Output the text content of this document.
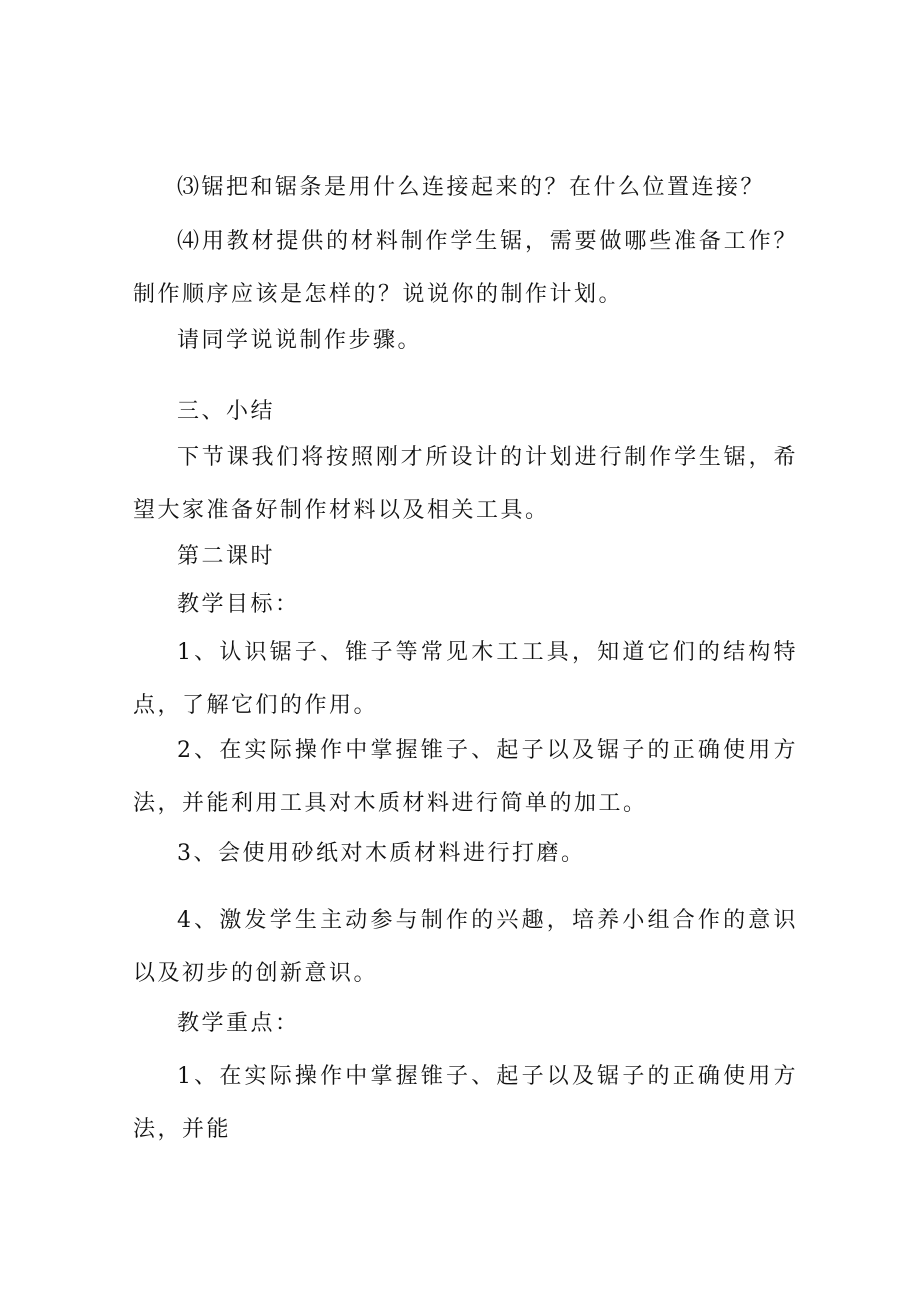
⑶锯把和锯条是用什么连接起来的？在什么位置连接？

⑷用教材提供的材料制作学生锯，需要做哪些准备工作？制作顺序应该是怎样的？说说你的制作计划。

请同学说说制作步骤。

三、小结

下节课我们将按照刚才所设计的计划进行制作学生锯，希望大家准备好制作材料以及相关工具。

第二课时

教学目标：

1、认识锯子、锥子等常见木工工具，知道它们的结构特点，了解它们的作用。

2、在实际操作中掌握锥子、起子以及锯子的正确使用方法，并能利用工具对木质材料进行简单的加工。

3、会使用砂纸对木质材料进行打磨。

4、激发学生主动参与制作的兴趣，培养小组合作的意识以及初步的创新意识。

教学重点：

1、在实际操作中掌握锥子、起子以及锯子的正确使用方法，并能
